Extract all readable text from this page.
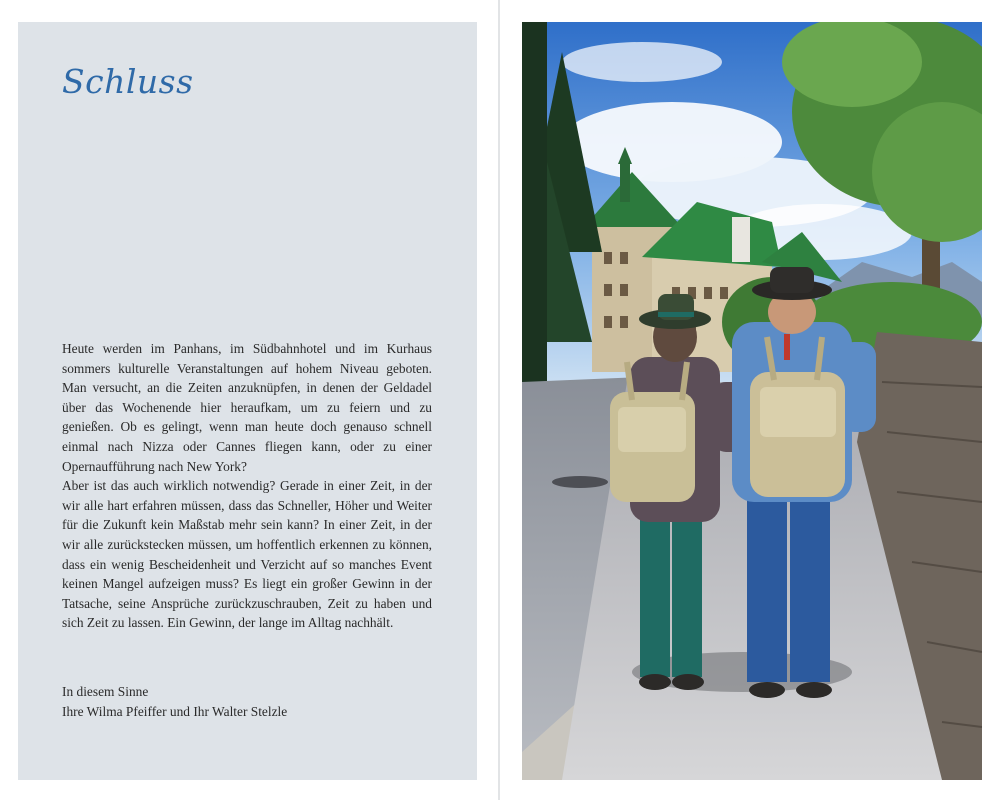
Schluss

Heute werden im Panhans, im Südbahnhotel und im Kurhaus sommers kulturelle Veranstaltungen auf hohem Niveau geboten. Man versucht, an die Zeiten anzuknüpfen, in denen der Geldadel über das Wochenende hier heraufkam, um zu feiern und zu genießen. Ob es gelingt, wenn man heute doch genauso schnell einmal nach Nizza oder Cannes fliegen kann, oder zu einer Opernaufführung nach New York?

Aber ist das auch wirklich notwendig? Gerade in einer Zeit, in der wir alle hart erfahren müssen, dass das Schneller, Höher und Weiter für die Zukunft kein Maßstab mehr sein kann? In einer Zeit, in der wir alle zurückstecken müssen, um hoffentlich erkennen zu können, dass ein wenig Bescheidenheit und Verzicht auf so manches Event keinen Mangel aufzeigen muss? Es liegt ein großer Gewinn in der Tatsache, seine Ansprüche zurückzuschrauben, Zeit zu haben und sich Zeit zu lassen. Ein Gewinn, der lange im Alltag nachhält.

In diesem Sinne
Ihre Wilma Pfeiffer und Ihr Walter Stelzle
